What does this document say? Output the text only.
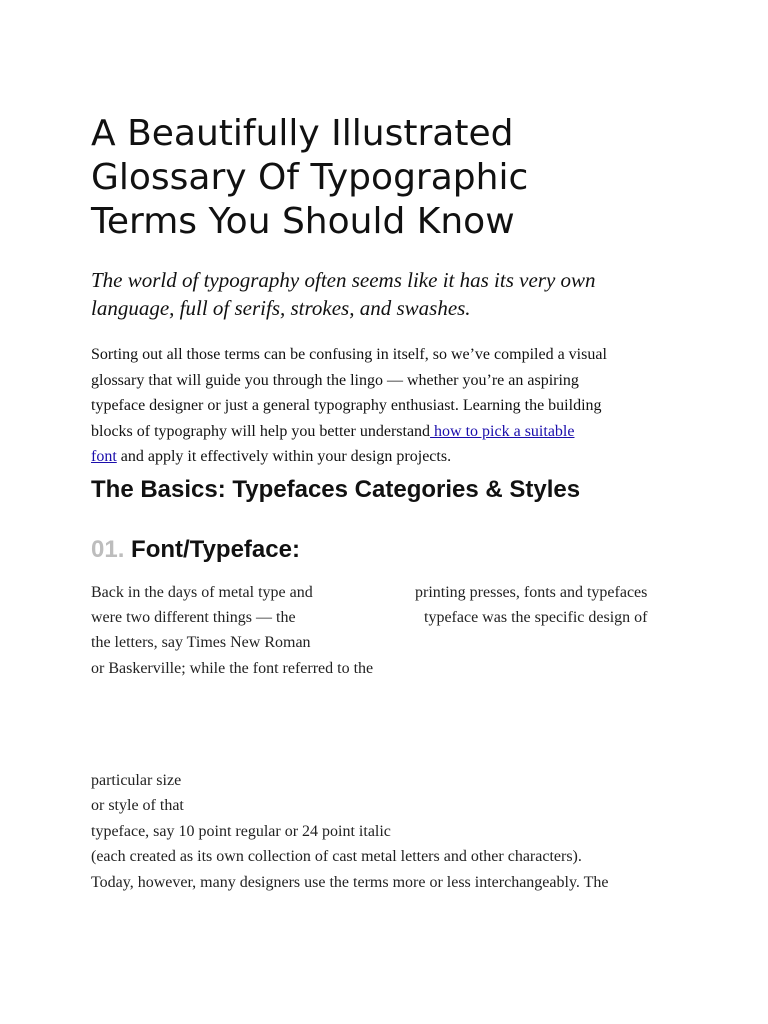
A Beautifully Illustrated
Glossary Of Typographic
Terms You Should Know

The world of typography often seems like it has its very own
language, full of serifs, strokes, and swashes.

Sorting out all those terms can be confusing in itself, so we’ve compiled a visual
glossary that will guide you through the lingo — whether you’re an aspiring
typeface designer or just a general typography enthusiast. Learning the building
blocks of typography will help you better understand how to pick a suitable
font and apply it effectively within your design projects.

The Basics: Typefaces Categories & Styles
01. Font/Typeface:

Back in the days of metal type and	printing presses, fonts and typefaces

were two different things — the	typeface was the specific design of

the letters, say Times New Roman

or Baskerville; while the font referred to the

particular size

or style of that

typeface, say 10 point regular or 24 point italic

(each created as its own collection of cast metal letters and other characters).

Today, however, many designers use the terms more or less interchangeably. The
